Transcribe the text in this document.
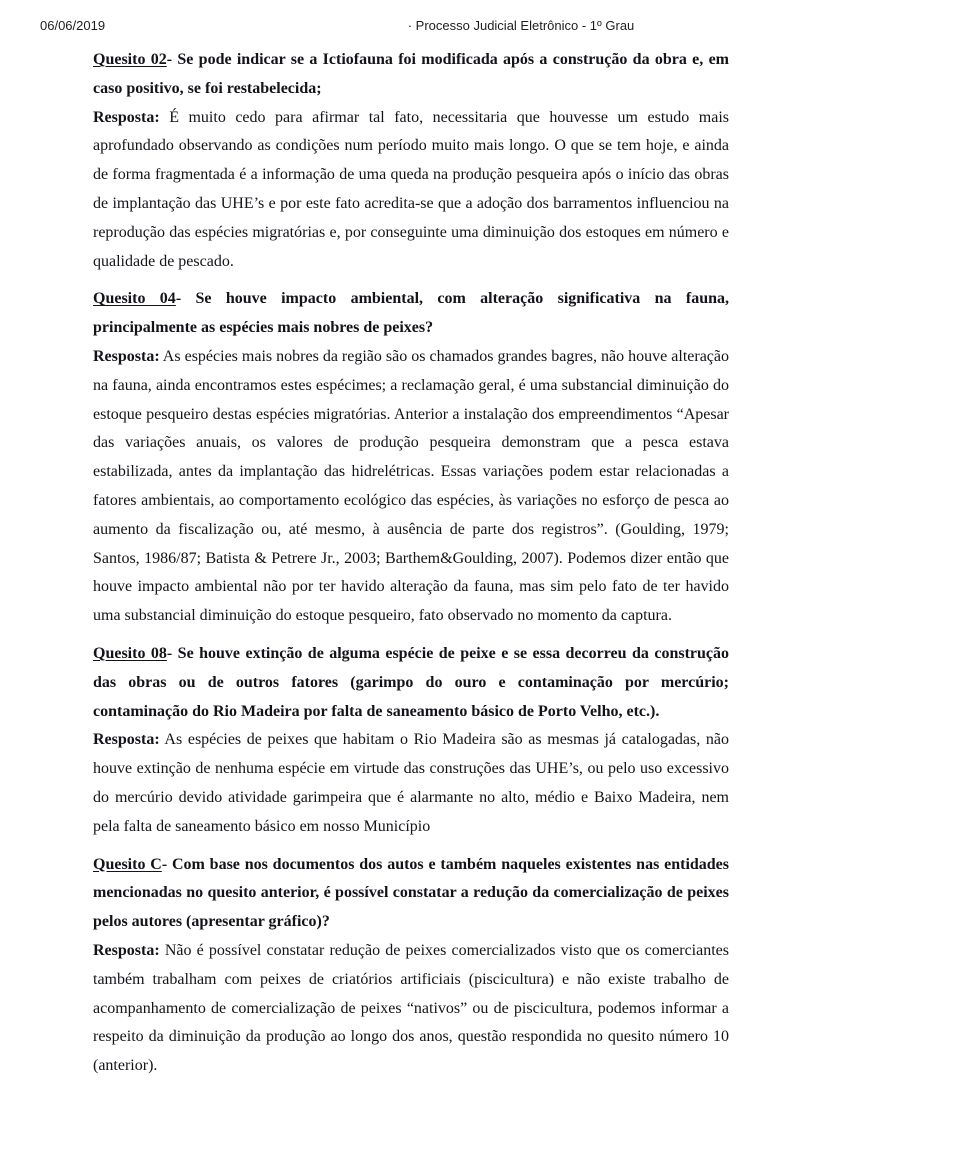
06/06/2019	· Processo Judicial Eletrônico - 1º Grau

Quesito 02- Se pode indicar se a Ictiofauna foi modificada após a construção da obra e, em caso positivo, se foi restabelecida;

Resposta: É muito cedo para afirmar tal fato, necessitaria que houvesse um estudo mais aprofundado observando as condições num período muito mais longo. O que se tem hoje, e ainda de forma fragmentada é a informação de uma queda na produção pesqueira após o início das obras de implantação das UHE’s e por este fato acredita-se que a adoção dos barramentos influenciou na reprodução das espécies migratórias e, por conseguinte uma diminuição dos estoques em número e qualidade de pescado.

Quesito 04- Se houve impacto ambiental, com alteração significativa na fauna, principalmente as espécies mais nobres de peixes?

Resposta: As espécies mais nobres da região são os chamados grandes bagres, não houve alteração na fauna, ainda encontramos estes espécimes; a reclamação geral, é uma substancial diminuição do estoque pesqueiro destas espécies migratórias. Anterior a instalação dos empreendimentos “Apesar das variações anuais, os valores de produção pesqueira demonstram que a pesca estava estabilizada, antes da implantação das hidrelétricas. Essas variações podem estar relacionadas a fatores ambientais, ao comportamento ecológico das espécies, às variações no esforço de pesca ao aumento da fiscalização ou, até mesmo, à ausência de parte dos registros”. (Goulding, 1979; Santos, 1986/87; Batista & Petrere Jr., 2003; Barthem&Goulding, 2007). Podemos dizer então que houve impacto ambiental não por ter havido alteração da fauna, mas sim pelo fato de ter havido uma substancial diminuição do estoque pesqueiro, fato observado no momento da captura.

Quesito 08- Se houve extinção de alguma espécie de peixe e se essa decorreu da construção das obras ou de outros fatores (garimpo do ouro e contaminação por mercúrio; contaminação do Rio Madeira por falta de saneamento básico de Porto Velho, etc.).

Resposta: As espécies de peixes que habitam o Rio Madeira são as mesmas já catalogadas, não houve extinção de nenhuma espécie em virtude das construções das UHE’s, ou pelo uso excessivo do mercúrio devido atividade garimpeira que é alarmante no alto, médio e Baixo Madeira, nem pela falta de saneamento básico em nosso Município

Quesito C- Com base nos documentos dos autos e também naqueles existentes nas entidades mencionadas no quesito anterior, é possível constatar a redução da comercialização de peixes pelos autores (apresentar gráfico)?

Resposta: Não é possível constatar redução de peixes comercializados visto que os comerciantes também trabalham com peixes de criatórios artificiais (piscicultura) e não existe trabalho de acompanhamento de comercialização de peixes “nativos” ou de piscicultura, podemos informar a respeito da diminuição da produção ao longo dos anos, questão respondida no quesito número 10 (anterior).
